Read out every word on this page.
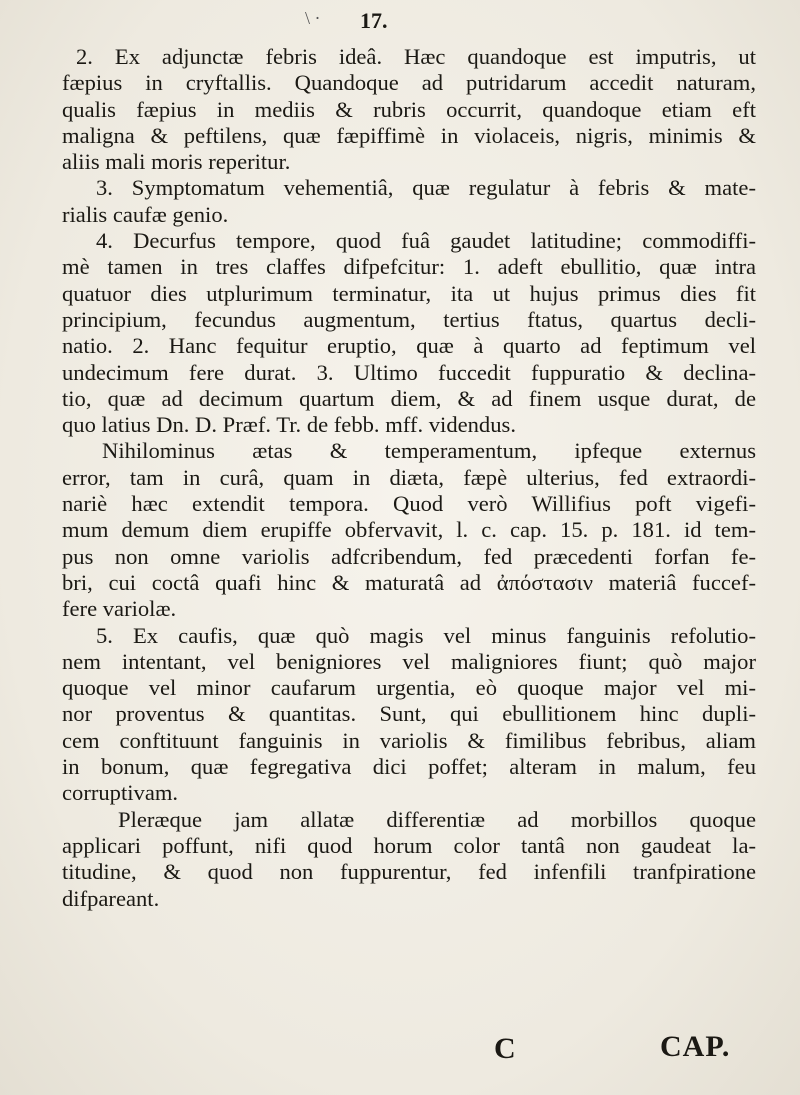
\ · 17.
2. Ex adjunctæ febris ideâ. Hæc quandoque est imputris, ut
fæpius in cryftallis. Quandoque ad putridarum accedit naturam,
qualis fæpius in mediis & rubris occurrit, quandoque etiam eft
maligna & peftilens, quæ fæpiffimè in violaceis, nigris, minimis &
aliis mali moris reperitur.
3. Symptomatum vehementiâ, quæ regulatur à febris & mate-
rialis caufæ genio.
4. Decurfus tempore, quod fuâ gaudet latitudine; commodiffi-
mè tamen in tres claffes difpefcitur: 1. adeft ebullitio, quæ intra
quatuor dies utplurimum terminatur, ita ut hujus primus dies fit
principium, fecundus augmentum, tertius ftatus, quartus decli-
natio. 2. Hanc fequitur eruptio, quæ à quarto ad feptimum vel
undecimum fere durat. 3. Ultimo fuccedit fuppuratio & declina-
tio, quæ ad decimum quartum diem, & ad finem usque durat, de
quo latius Dn. D. Præf. Tr. de febb. mff. videndus.
Nihilominus ætas & temperamentum, ipfeque externus
error, tam in curâ, quam in diæta, fæpè ulterius, fed extraordi-
nariè hæc extendit tempora. Quod verò Willifius poft vigefi-
mum demum diem erupiffe obfervavit, l. c. cap. 15. p. 181. id tem-
pus non omne variolis adfcribendum, fed præcedenti forfan fe-
bri, cui coctâ quafi hinc & maturatâ ad ἀπόστασιν materiâ fuccef-
fere variolæ.
5. Ex caufis, quæ quò magis vel minus fanguinis refolutio-
nem intentant, vel benigniores vel maligniores fiunt; quò major
quoque vel minor caufarum urgentia, eò quoque major vel mi-
nor proventus & quantitas. Sunt, qui ebullitionem hinc dupli-
cem conftituunt fanguinis in variolis & fimilibus febribus, aliam
in bonum, quæ fegregativa dici poffet; alteram in malum, feu
corruptivam.
Pleræque jam allatæ differentiæ ad morbillos quoque
applicari poffunt, nifi quod horum color tantâ non gaudeat la-
titudine, & quod non fuppurentur, fed infenfili tranfpiratione
difpareant.
C	CAP.
